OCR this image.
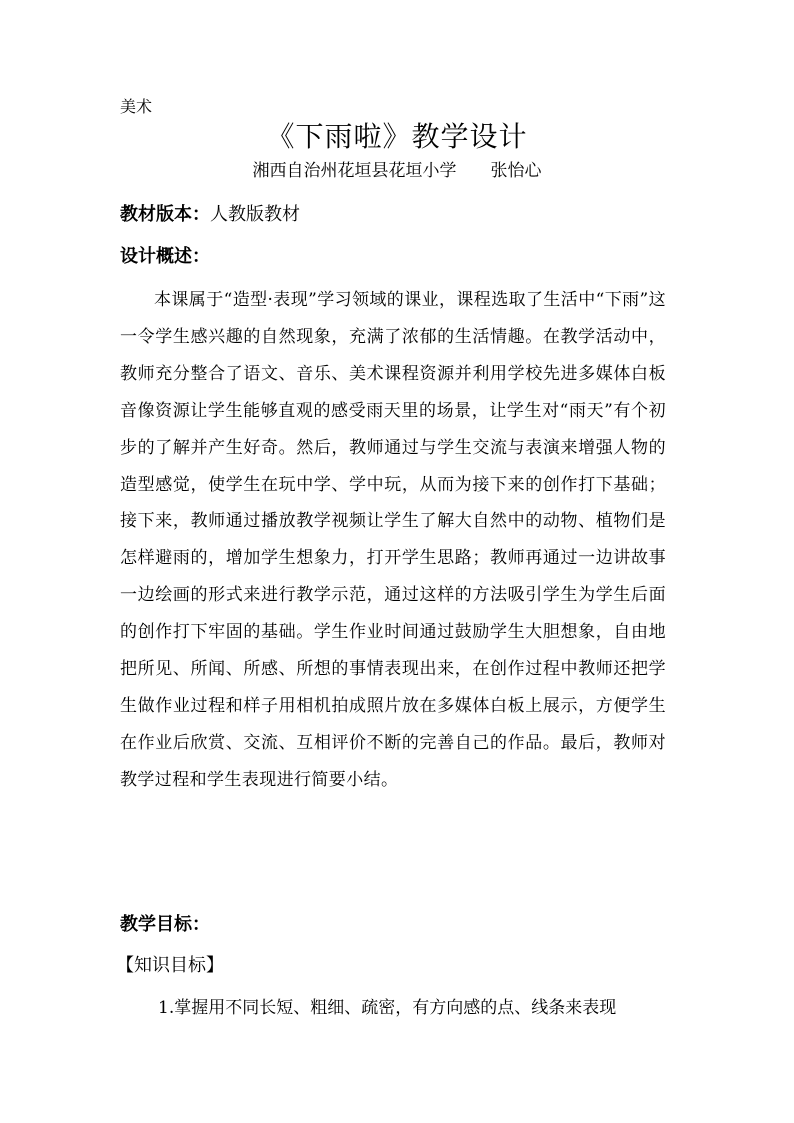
美术
《下雨啦》教学设计
湘西自治州花垣县花垣小学 张怡心
教材版本：人教版教材
设计概述：
本课属于“造型·表现”学习领域的课业，课程选取了生活中“下雨”这一令学生感兴趣的自然现象，充满了浓郁的生活情趣。在教学活动中，教师充分整合了语文、音乐、美术课程资源并利用学校先进多媒体白板音像资源让学生能够直观的感受雨天里的场景，让学生对“雨天”有个初步的了解并产生好奇。然后，教师通过与学生交流与表演来增强人物的造型感觉，使学生在玩中学、学中玩，从而为接下来的创作打下基础；接下来，教师通过播放教学视频让学生了解大自然中的动物、植物们是怎样避雨的，增加学生想象力，打开学生思路；教师再通过一边讲故事一边绘画的形式来进行教学示范，通过这样的方法吸引学生为学生后面的创作打下牢固的基础。学生作业时间通过鼓励学生大胆想象，自由地把所见、所闻、所感、所想的事情表现出来，在创作过程中教师还把学生做作业过程和样子用相机拍成照片放在多媒体白板上展示，方便学生在作业后欣赏、交流、互相评价不断的完善自己的作品。最后，教师对教学过程和学生表现进行简要小结。
教学目标：
【知识目标】
1.掌握用不同长短、粗细、疏密，有方向感的点、线条来表现
